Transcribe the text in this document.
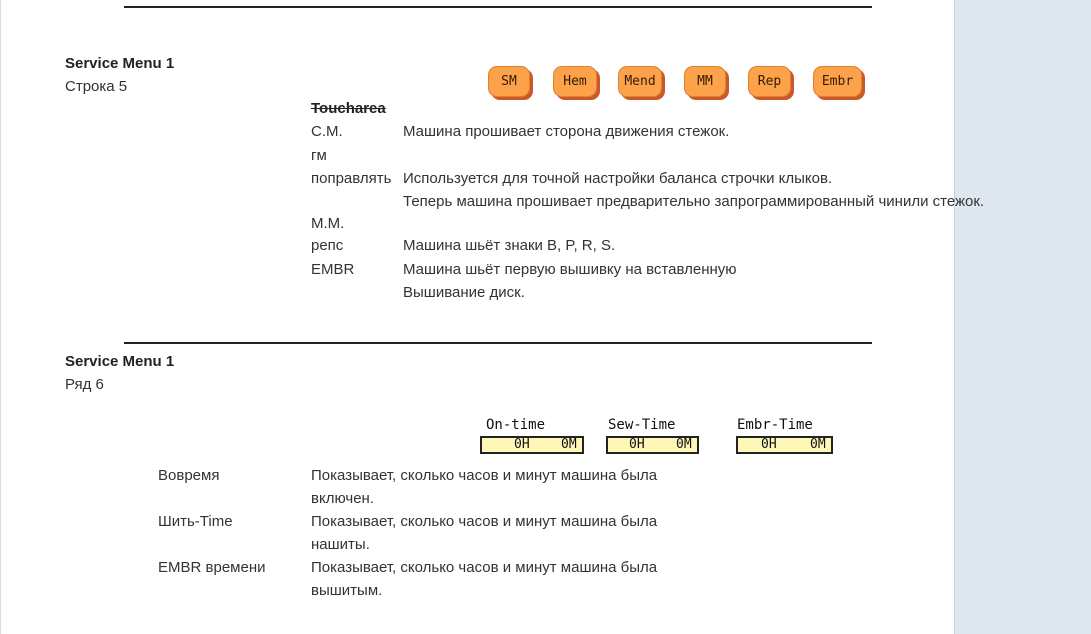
Service Menu 1
Строка 5	SM	Hem	Mend	MM	Rep	Embr
Toucharea
С.М.	Машина прошивает сторона движения стежок.
гм
поправлять Используется для точной настройки баланса строчки клыков.
Теперь машина прошивает предварительно запрограммированный чинили стежок.
М.М.
репс	Машина шьёт знаки B, P, R, S.
EMBR	Машина шьёт первую вышивку на вставленную
Вышивание диск.
Service Menu 1
Ряд 6
On-time
0H 0M
Sew-Time
0H 0M
Embr-Time
0H	0M
Вовремя	Показывает, сколько часов и минут машина была
включен.
Шить-Time	Показывает, сколько часов и минут машина была
нашиты.
EMBR времени	Показывает, сколько часов и минут машина была
вышитым.
